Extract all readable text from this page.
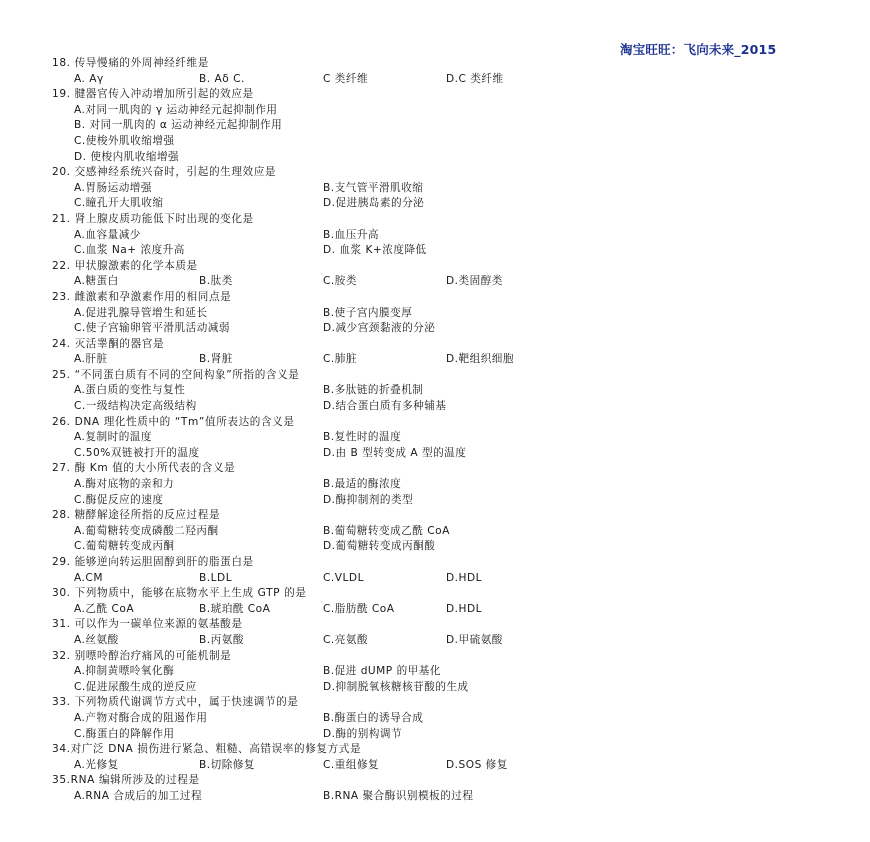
淘宝旺旺：飞向未来_2015
18. 传导慢痛的外周神经纤维是
A. Aγ	B. Aδ C.	C 类纤维	D.C 类纤维
19. 腱器官传入冲动增加所引起的效应是
A.对同一肌肉的 γ 运动神经元起抑制作用
B. 对同一肌肉的 α 运动神经元起抑制作用
C.使梭外肌收缩增强
D. 使梭内肌收缩增强
20. 交感神经系统兴奋时，引起的生理效应是
A.胃肠运动增强	B.支气管平滑肌收缩
C.瞳孔开大肌收缩	D.促进胰岛素的分泌
21. 肾上腺皮质功能低下时出现的变化是
A.血容量减少	B.血压升高
C.血浆 Na+ 浓度升高	D. 血浆 K+浓度降低
22. 甲状腺激素的化学本质是
A.糖蛋白	B.肽类	C.胺类	D.类固醇类
23. 雌激素和孕激素作用的相同点是
A.促进乳腺导管增生和延长	B.使子宫内膜变厚
C.使子宫输卵管平滑肌活动减弱	D.减少宫颈黏液的分泌
24. 灭活睾酮的器官是
A.肝脏	B.肾脏	C.肺脏	D.靶组织细胞
25. “不同蛋白质有不同的空间构象”所指的含义是
A.蛋白质的变性与复性	B.多肽链的折叠机制
C.一级结构决定高级结构	D.结合蛋白质有多种辅基
26. DNA 理化性质中的 “Tm”值所表达的含义是
A.复制时的温度	B.复性时的温度
C.50%双链被打开的温度	D.由 B 型转变成 A 型的温度
27. 酶 Km 值的大小所代表的含义是
A.酶对底物的亲和力	B.最适的酶浓度
C.酶促反应的速度	D.酶抑制剂的类型
28. 糖酵解途径所指的反应过程是
A.葡萄糖转变成磷酸二羟丙酮	B.葡萄糖转变成乙酰 CoA
C.葡萄糖转变成丙酮	D.葡萄糖转变成丙酮酸
29. 能够逆向转运胆固醇到肝的脂蛋白是
A.CM	B.LDL	C.VLDL	D.HDL
30. 下列物质中，能够在底物水平上生成 GTP 的是
A.乙酰 CoA	B.琥珀酰 CoA	C.脂肪酰 CoA	D.HDL
31. 可以作为一碳单位来源的氨基酸是
A.丝氨酸	B.丙氨酸	C.亮氨酸	D.甲硫氨酸
32. 别嘌呤醇治疗痛风的可能机制是
A.抑制黄嘌呤氧化酶	B.促进 dUMP 的甲基化
C.促进尿酸生成的逆反应	D.抑制脱氧核糖核苷酸的生成
33. 下列物质代谢调节方式中，属于快速调节的是
A.产物对酶合成的阻遏作用	B.酶蛋白的诱导合成
C.酶蛋白的降解作用	D.酶的别构调节
34.对广泛 DNA 损伤进行紧急、粗糙、高错误率的修复方式是
A.光修复	B.切除修复	C.重组修复	D.SOS 修复
35.RNA 编辑所涉及的过程是
A.RNA 合成后的加工过程	B.RNA 聚合酶识别模板的过程
